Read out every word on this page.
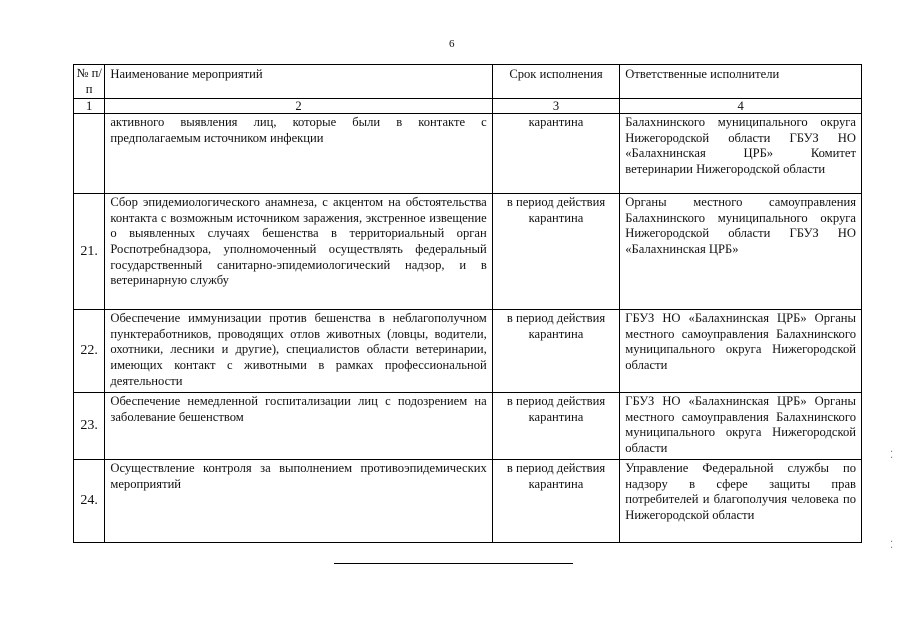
6
№ п/п	Наименование мероприятий	Срок исполнения	Ответственные исполнители
1	2	3	4
	активного выявления лиц, которые были в контакте с предполагаемым источником инфекции	карантина	Балахнинского муниципального округа Нижегородской области ГБУЗ НО «Балахнинская ЦРБ» Комитет ветеринарии Нижегородской области
21.	Сбор эпидемиологического анамнеза, с акцентом на обстоятельства контакта с возможным источником заражения, экстренное извещение о выявленных случаях бешенства в территориальный орган Роспотребнадзора, уполномоченный осуществлять федеральный государственный санитарно-эпидемиологический надзор, и в ветеринарную службу	в период действия карантина	Органы местного самоуправления Балахнинского муниципального округа Нижегородской области ГБУЗ НО «Балахнинская ЦРБ»
22.	Обеспечение иммунизации против бешенства в неблагополучном пунктеработников, проводящих отлов животных (ловцы, водители, охотники, лесники и другие), специалистов области ветеринарии, имеющих контакт с животными в рамках профессиональной деятельности	в период действия карантина	ГБУЗ НО «Балахнинская ЦРБ» Органы местного самоуправления Балахнинского муниципального округа Нижегородской области
23.	Обеспечение немедленной госпитализации лиц с подозрением на заболевание бешенством	в период действия карантина	ГБУЗ НО «Балахнинская ЦРБ» Органы местного самоуправления Балахнинского муниципального округа Нижегородской области
24.	Осуществление контроля за выполнением противоэпидемических мероприятий	в период действия карантина	Управление Федеральной службы по надзору в сфере защиты прав потребителей и благополучия человека по Нижегородской области
⁚
⁚
